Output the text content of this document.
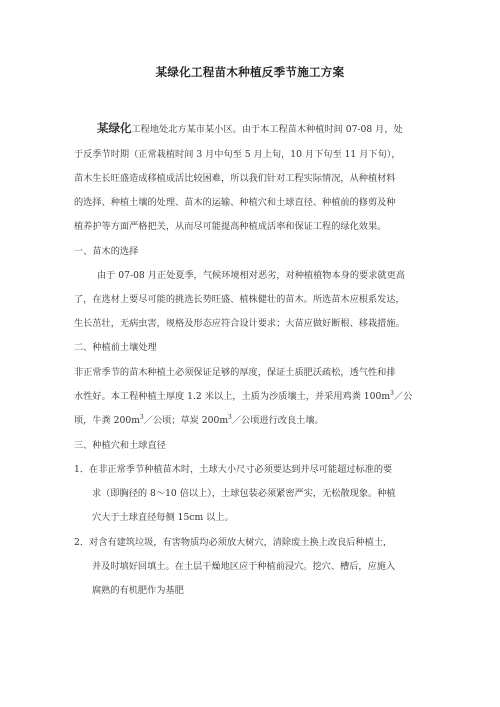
某绿化工程苗木种植反季节施工方案
某绿化工程地处北方某市某小区。由于本工程苗木种植时间 07-08 月，处
于反季节时期（正常栽植时间 3 月中旬至 5 月上旬，10 月下旬至 11 月下旬），
苗木生长旺盛造成移植成活比较困难，所以我们针对工程实际情况，从种植材料
的选择、种植土壤的处理、苗木的运输、种植穴和土球直径、种植前的修剪及种
植养护等方面严格把关，从而尽可能提高种植成活率和保证工程的绿化效果。
一、苗木的选择
由于 07-08 月正处夏季，气候环境相对恶劣，对种植植物本身的要求就更高
了，在选材上要尽可能的挑选长势旺盛、植株健壮的苗木。所选苗木应根系发达，
生长茁壮，无病虫害，规格及形态应符合设计要求；大苗应做好断根、移栽措施。
二、种植前土壤处理
非正常季节的苗木种植土必须保证足够的厚度，保证土质肥沃疏松，透气性和排
水性好。本工程种植土厚度 1.2 米以上，土质为沙质壤土，并采用鸡粪 $100m^3/$公
顷，牛粪 $200m^3/$公顷；草炭 $200m^3/$公顷进行改良土壤。
三、种植穴和土球直径
1．在非正常季节种植苗木时，土球大小尺寸必须要达到并尽可能超过标准的要
求（即胸径的 8～10 倍以上），土球包装必须紧密严实，无松散现象。种植
穴大于土球直径每侧 15cm 以上。
2．对含有建筑垃圾，有害物质均必须放大树穴，清除废土换上改良后种植土，
并及时填好回填土。在土层干燥地区应于种植前浸穴。挖穴、槽后，应施入
腐熟的有机肥作为基肥
